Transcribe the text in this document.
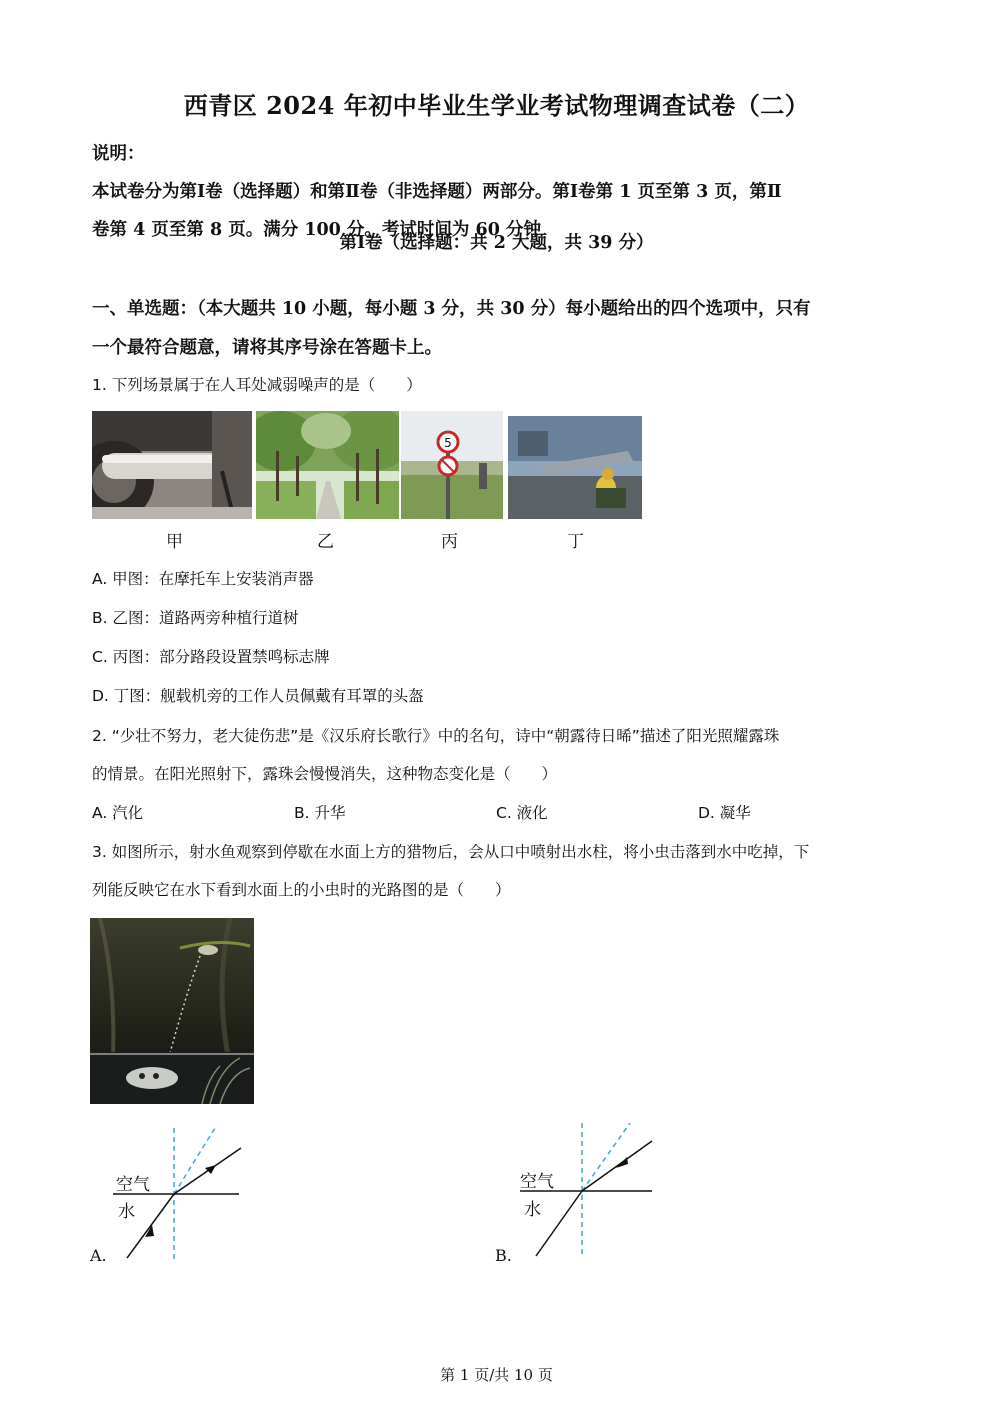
西青区 2024 年初中毕业生学业考试物理调查试卷（二）
说明：
本试卷分为第Ⅰ卷（选择题）和第Ⅱ卷（非选择题）两部分。第Ⅰ卷第 1 页至第 3 页，第Ⅱ
卷第 4 页至第 8 页。满分 100 分。考试时间为 60 分钟
第Ⅰ卷（选择题：共 2 大题，共 39 分）
一、单选题：（本大题共 10 小题，每小题 3 分，共 30 分）每小题给出的四个选项中，只有
一个最符合题意，请将其序号涂在答题卡上。
1. 下列场景属于在人耳处减弱噪声的是（　　）
5
甲	乙	丙	丁
A. 甲图：在摩托车上安装消声器
B. 乙图：道路两旁种植行道树
C. 丙图：部分路段设置禁鸣标志牌
D. 丁图：舰载机旁的工作人员佩戴有耳罩的头盔
2. “少壮不努力，老大徒伤悲”是《汉乐府长歌行》中的名句，诗中“朝露待日晞”描述了阳光照耀露珠
的情景。在阳光照射下，露珠会慢慢消失，这种物态变化是（　　）
A. 汽化	B. 升华	C. 液化	D. 凝华
3. 如图所示，射水鱼观察到停歇在水面上方的猎物后，会从口中喷射出水柱，将小虫击落到水中吃掉，下
列能反映它在水下看到水面上的小虫时的光路图的是（　　）
空气
水
A.
空气
水
B.
第 1 页/共 10 页
